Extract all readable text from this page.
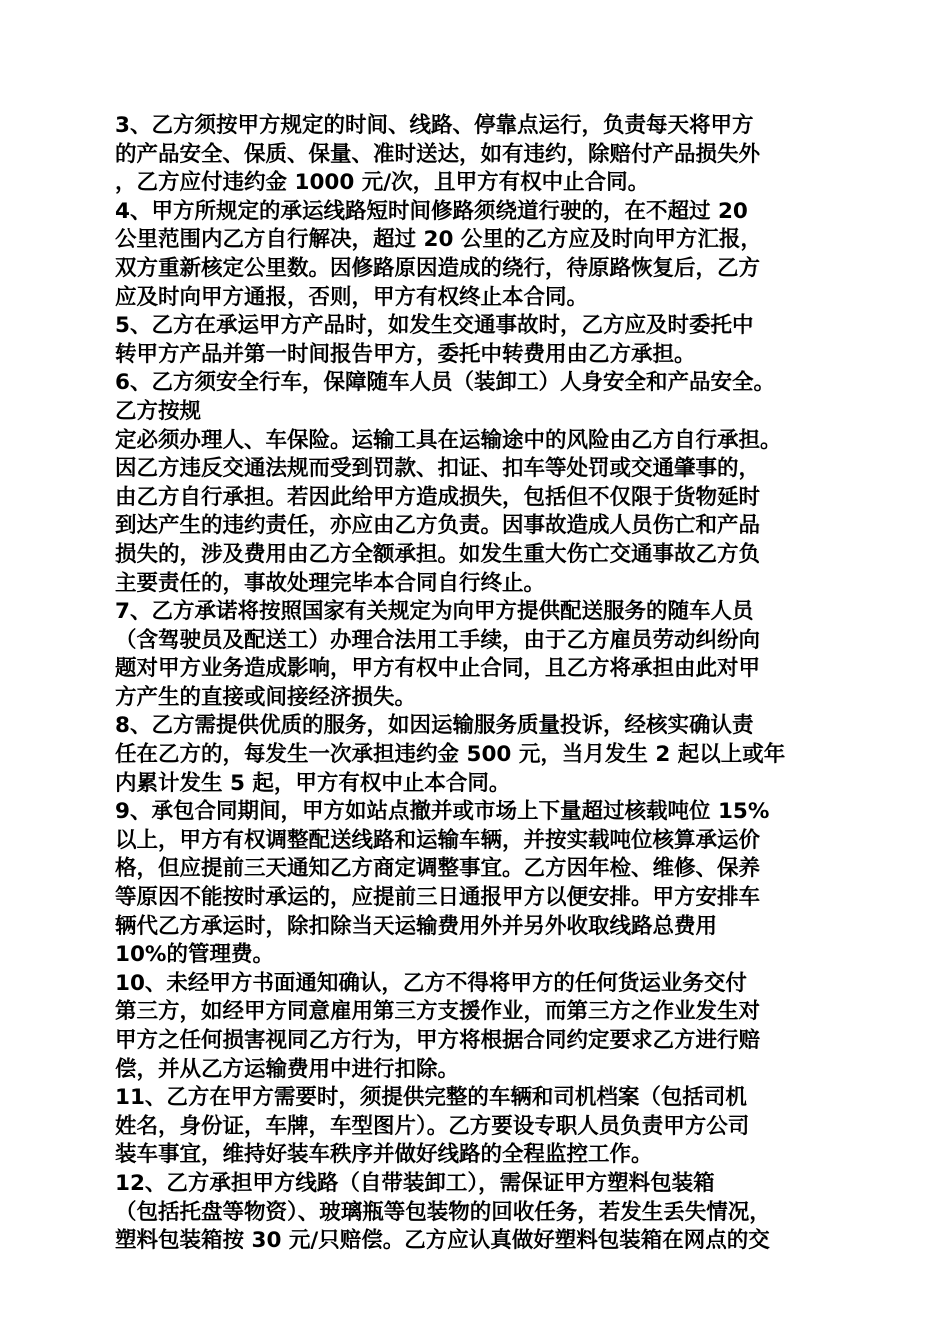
3、乙方须按甲方规定的时间、线路、停靠点运行，负责每天将甲方
的产品安全、保质、保量、准时送达，如有违约，除赔付产品损失外
，乙方应付违约金 1000 元/次，且甲方有权中止合同。
4、甲方所规定的承运线路短时间修路须绕道行驶的，在不超过 20
公里范围内乙方自行解决，超过 20 公里的乙方应及时向甲方汇报，
双方重新核定公里数。因修路原因造成的绕行，待原路恢复后，乙方
应及时向甲方通报，否则，甲方有权终止本合同。
5、乙方在承运甲方产品时，如发生交通事故时，乙方应及时委托中
转甲方产品并第一时间报告甲方，委托中转费用由乙方承担。
6、乙方须安全行车，保障随车人员（装卸工）人身安全和产品安全。
乙方按规
定必须办理人、车保险。运输工具在运输途中的风险由乙方自行承担。
因乙方违反交通法规而受到罚款、扣证、扣车等处罚或交通肇事的，
由乙方自行承担。若因此给甲方造成损失，包括但不仅限于货物延时
到达产生的违约责任，亦应由乙方负责。因事故造成人员伤亡和产品
损失的，涉及费用由乙方全额承担。如发生重大伤亡交通事故乙方负
主要责任的，事故处理完毕本合同自行终止。
7、乙方承诺将按照国家有关规定为向甲方提供配送服务的随车人员
（含驾驶员及配送工）办理合法用工手续，由于乙方雇员劳动纠纷向
题对甲方业务造成影响，甲方有权中止合同，且乙方将承担由此对甲
方产生的直接或间接经济损失。
8、乙方需提供优质的服务，如因运输服务质量投诉，经核实确认责
任在乙方的，每发生一次承担违约金 500 元，当月发生 2 起以上或年
内累计发生 5 起，甲方有权中止本合同。
9、承包合同期间，甲方如站点撤并或市场上下量超过核载吨位 15%
以上，甲方有权调整配送线路和运输车辆，并按实载吨位核算承运价
格，但应提前三天通知乙方商定调整事宜。乙方因年检、维修、保养
等原因不能按时承运的，应提前三日通报甲方以便安排。甲方安排车
辆代乙方承运时，除扣除当天运输费用外并另外收取线路总费用
10%的管理费。
10、未经甲方书面通知确认，乙方不得将甲方的任何货运业务交付
第三方，如经甲方同意雇用第三方支援作业，而第三方之作业发生对
甲方之任何损害视同乙方行为，甲方将根据合同约定要求乙方进行赔
偿，并从乙方运输费用中进行扣除。
11、乙方在甲方需要时，须提供完整的车辆和司机档案（包括司机
姓名，身份证，车牌，车型图片）。乙方要设专职人员负责甲方公司
装车事宜，维持好装车秩序并做好线路的全程监控工作。
12、乙方承担甲方线路（自带装卸工），需保证甲方塑料包装箱
（包括托盘等物资）、玻璃瓶等包装物的回收任务，若发生丢失情况，
塑料包装箱按 30 元/只赔偿。乙方应认真做好塑料包装箱在网点的交
